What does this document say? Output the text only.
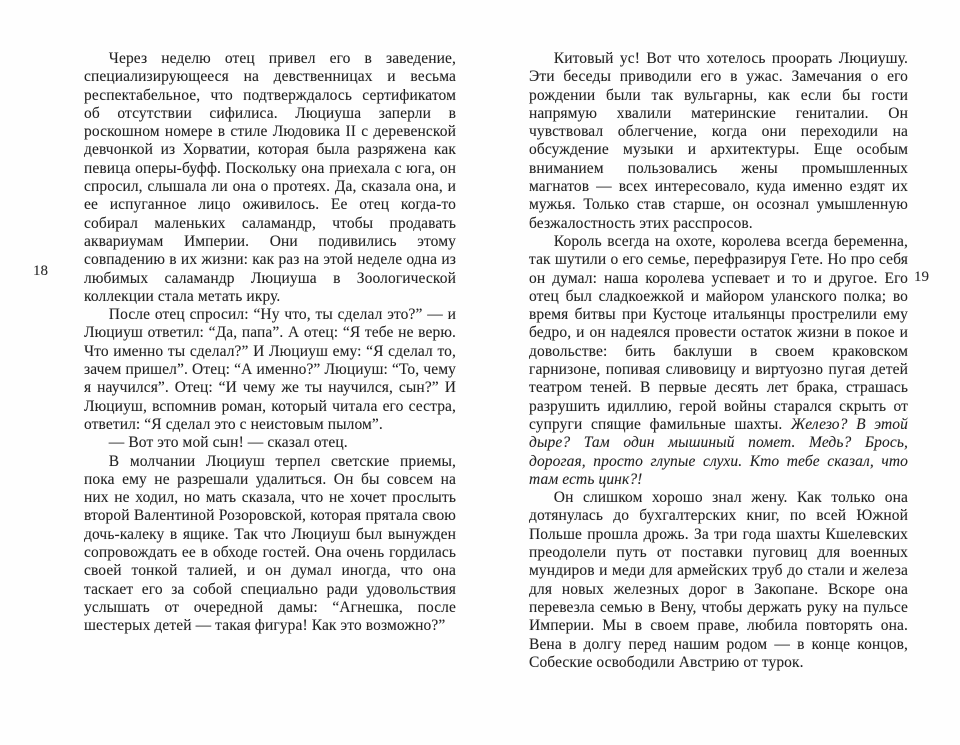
18

Через неделю отец привел его в заведение, специализирующееся на девственницах и весьма респектабельное, что подтверждалось сертификатом об отсутствии сифилиса. Люциуша заперли в роскошном номере в стиле Людовика II с деревенской девчонкой из Хорватии, которая была разряжена как певица оперы-буфф. Поскольку она приехала с юга, он спросил, слышала ли она о протеях. Да, сказала она, и ее испуганное лицо оживилось. Ее отец когда-то собирал маленьких саламандр, чтобы продавать аквариумам Империи. Они подивились этому совпадению в их жизни: как раз на этой неделе одна из любимых саламандр Люциуша в Зоологической коллекции стала метать икру.

После отец спросил: “Ну что, ты сделал это?” — и Люциуш ответил: “Да, папа”. А отец: “Я тебе не верю. Что именно ты сделал?” И Люциуш ему: “Я сделал то, зачем пришел”. Отец: “А именно?” Люциуш: “То, чему я научился”. Отец: “И чему же ты научился, сын?” И Люциуш, вспомнив роман, который читала его сестра, ответил: “Я сделал это с неистовым пылом”.

— Вот это мой сын! — сказал отец.

В молчании Люциуш терпел светские приемы, пока ему не разрешали удалиться. Он бы совсем на них не ходил, но мать сказала, что не хочет прослыть второй Валентиной Розоровской, которая прятала свою дочь-калеку в ящике. Так что Люциуш был вынужден сопровождать ее в обходе гостей. Она очень гордилась своей тонкой талией, и он думал иногда, что она таскает его за собой специально ради удовольствия услышать от очередной дамы: “Агнешка, после шестерых детей — такая фигура! Как это возможно?”

Китовый ус! Вот что хотелось проорать Люциушу. Эти беседы приводили его в ужас. Замечания о его рождении были так вульгарны, как если бы гости напрямую хвалили материнские гениталии. Он чувствовал облегчение, когда они переходили на обсуждение музыки и архитектуры. Еще особым вниманием пользовались жены промышленных магнатов — всех интересовало, куда именно ездят их мужья. Только став старше, он осознал умышленную безжалостность этих расспросов.

Король всегда на охоте, королева всегда беременна, так шутили о его семье, перефразируя Гете. Но про себя он думал: наша королева успевает и то и другое. Его отец был сладкоежкой и майором уланского полка; во время битвы при Кустоце итальянцы прострелили ему бедро, и он надеялся провести остаток жизни в покое и довольстве: бить баклуши в своем краковском гарнизоне, попивая сливовицу и виртуозно пугая детей театром теней. В первые десять лет брака, страшась разрушить идиллию, герой войны старался скрыть от супруги спящие фамильные шахты. Железо? В этой дыре? Там один мышиный помет. Медь? Брось, дорогая, просто глупые слухи. Кто тебе сказал, что там есть цинк?!

Он слишком хорошо знал жену. Как только она дотянулась до бухгалтерских книг, по всей Южной Польше прошла дрожь. За три года шахты Кшелевских преодолели путь от поставки пуговиц для военных мундиров и меди для армейских труб до стали и железа для новых железных дорог в Закопане. Вскоре она перевезла семью в Вену, чтобы держать руку на пульсе Империи. Мы в своем праве, любила повторять она. Вена в долгу перед нашим родом — в конце концов, Собеские освободили Австрию от турок.

19
